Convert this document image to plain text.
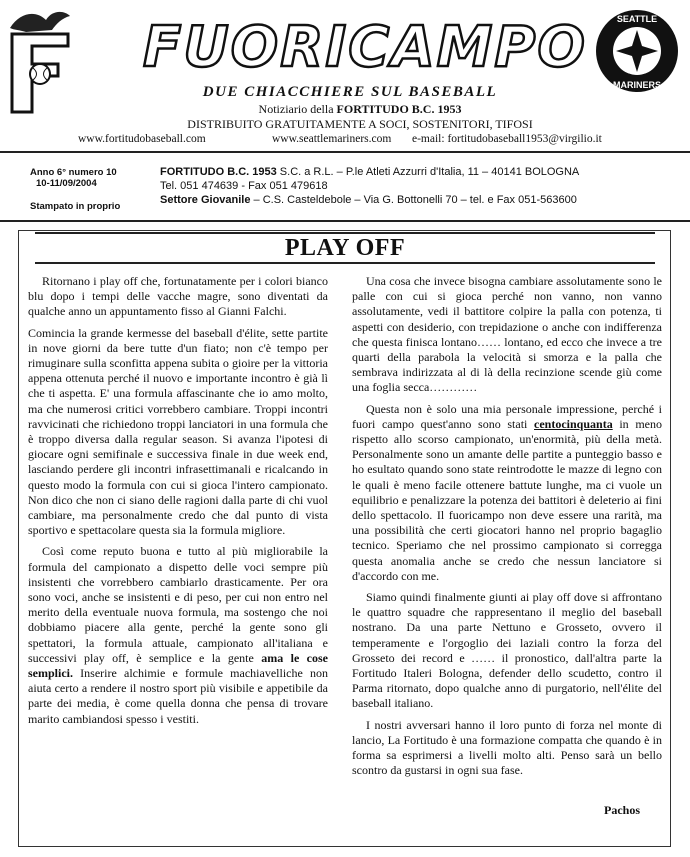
FUORICAMPO	SEATTLE
MARINERS
DUE CHIACCHIERE SUL BASEBALL
Notiziario della FORTITUDO B.C. 1953
DISTRIBUITO GRATUITAMENTE A SOCI, SOSTENITORI, TIFOSI
www.fortitudobaseball.com	www.seattlemariners.com e-mail: fortitudobaseball1953@virgilio.it
Anno 6° numero 10
10-11/09/2004
Stampato in proprio
FORTITUDO B.C. 1953 S.C. a R.L. – P.le Atleti Azzurri d'Italia, 11 – 40141 BOLOGNA
Tel. 051 474639 - Fax 051 479618
Settore Giovanile – C.S. Casteldebole – Via G. Bottonelli 70 – tel. e Fax 051-563600
PLAY OFF

Ritornano i play off che, fortunatamente per i colori bianco blu dopo i tempi delle vacche magre, sono diventati da qualche anno un appuntamento fisso al Gianni Falchi.

Comincia la grande kermesse del baseball d'élite, sette partite in nove giorni da bere tutte d'un fiato; non c'è tempo per rimuginare sulla sconfitta appena subita o gioire per la vittoria appena ottenuta perché il nuovo e importante incontro è già lì che ti aspetta. E' una formula affascinante che io amo molto, ma che numerosi critici vorrebbero cambiare. Troppi incontri ravvicinati che richiedono troppi lanciatori in una formula che è troppo diversa dalla regular season. Si avanza l'ipotesi di giocare ogni semifinale e successiva finale in due week end, lasciando perdere gli incontri infrasettimanali e ricalcando in questo modo la formula con cui si gioca l'intero campionato. Non dico che non ci siano delle ragioni dalla parte di chi vuol cambiare, ma personalmente credo che dal punto di vista sportivo e spettacolare questa sia la formula migliore.

Così come reputo buona e tutto al più migliorabile la formula del campionato a dispetto delle voci sempre più insistenti che vorrebbero cambiarlo drasticamente. Per ora sono voci, anche se insistenti e di peso, per cui non entro nel merito della eventuale nuova formula, ma sostengo che noi dobbiamo piacere alla gente, perché la gente sono gli spettatori, la formula attuale, campionato all'italiana e successivi play off, è semplice e la gente ama le cose semplici. Inserire alchimie e formule machiavelliche non aiuta certo a rendere il nostro sport più visibile e appetibile da parte dei media, è come quella donna che pensa di trovare marito cambiandosi spesso i vestiti.

Una cosa che invece bisogna cambiare assolutamente sono le palle con cui si gioca perché non vanno, non vanno assolutamente, vedi il battitore colpire la palla con potenza, ti aspetti con desiderio, con trepidazione o anche con indifferenza che questa finisca lontano…… lontano, ed ecco che invece a tre quarti della parabola la velocità si smorza e la palla che sembrava indirizzata al di là della recinzione scende giù come una foglia secca…………

Questa non è solo una mia personale impressione, perché i fuori campo quest'anno sono stati centocinquanta in meno rispetto allo scorso campionato, un'enormità, più della metà. Personalmente sono un amante delle partite a punteggio basso e ho esultato quando sono state reintrodotte le mazze di legno con le quali è meno facile ottenere battute lunghe, ma ci vuole un equilibrio e penalizzare la potenza dei battitori è deleterio ai fini dello spettacolo. Il fuoricampo non deve essere una rarità, ma una possibilità che certi giocatori hanno nel proprio bagaglio tecnico. Speriamo che nel prossimo campionato si corregga questa anomalia anche se credo che nessun lanciatore si d'accordo con me.

Siamo quindi finalmente giunti ai play off dove si affrontano le quattro squadre che rappresentano il meglio del baseball nostrano. Da una parte Nettuno e Grosseto, ovvero il temperamente e l'orgoglio dei laziali contro la forza del Grosseto dei record e …… il pronostico, dall'altra parte la Fortitudo Italeri Bologna, defender dello scudetto, contro il Parma ritornato, dopo qualche anno di purgatorio, nell'élite del baseball italiano.

I nostri avversari hanno il loro punto di forza nel monte di lancio, La Fortitudo è una formazione compatta che quando è in forma sa esprimersi a livelli molto alti. Penso sarà un bello scontro da gustarsi in ogni sua fase.

Pachos
